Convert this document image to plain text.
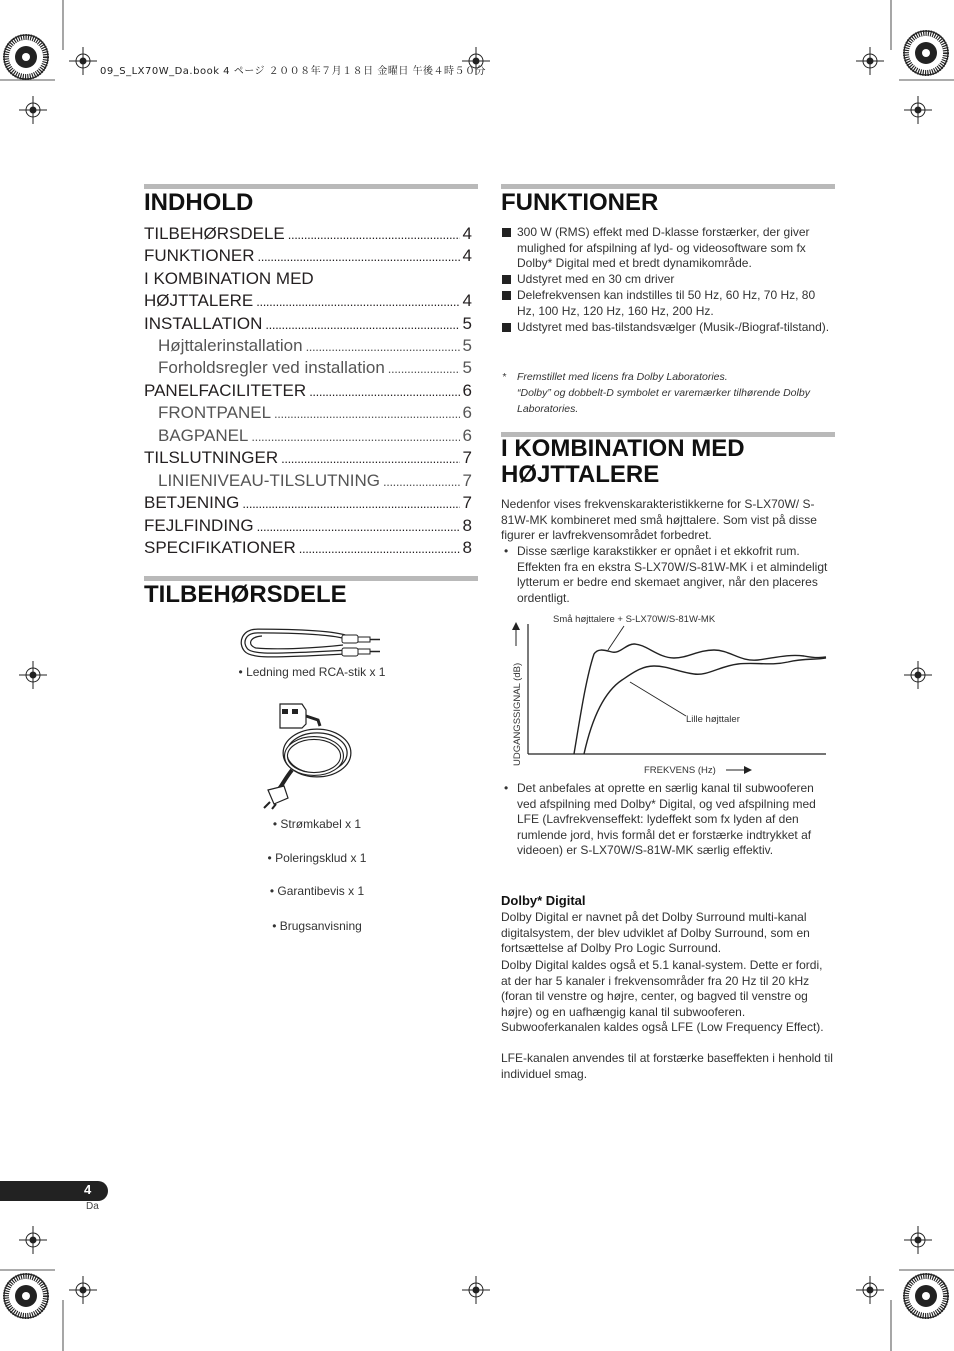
09_S_LX70W_Da.book 4 ページ ２００８年７月１８日 金曜日 午後４時５０分
INDHOLD
TILBEHØRSDELE . . .	4
FUNKTIONER . . .	4
I KOMBINATION MED
HØJTTALERE . . .	4
INSTALLATION . . .	5
Højttalerinstallation . . .	5
Forholdsregler ved installation . . .	5
PANELFACILITETER . . .	6
FRONTPANEL . . .	6
BAGPANEL . . .	6
TILSLUTNINGER . . .	7
LINIENIVEAU-TILSLUTNING . . .	7
BETJENING . . .	7
FEJLFINDING . . .	8
SPECIFIKATIONER . . .	8
TILBEHØRSDELE
• Ledning med RCA-stik x 1
• Strømkabel x 1
• Poleringsklud x 1
• Garantibevis x 1
• Brugsanvisning
FUNKTIONER
300 W (RMS) effekt med D-klasse forstærker, der giver mulighed for afspilning af lyd- og videosoftware som fx Dolby* Digital med et bredt dynamikområde.
Udstyret med en 30 cm driver
Delefrekvensen kan indstilles til 50 Hz, 60 Hz, 70 Hz, 80 Hz, 100 Hz, 120 Hz, 160 Hz, 200 Hz.
Udstyret med bas-tilstandsvælger (Musik-/Biograf-tilstand).
* Fremstillet med licens fra Dolby Laboratories.
“Dolby” og dobbelt-D symbolet er varemærker tilhørende Dolby Laboratories.
I KOMBINATION MED
HØJTTALERE
Nedenfor vises frekvenskarakteristikkerne for S-LX70W/ S-81W-MK kombineret med små højttalere. Som vist på disse figurer er lavfrekvensområdet forbedret.
• Disse særlige karakstikker er opnået i et ekkofrit rum. Effekten fra en ekstra S-LX70W/S-81W-MK i et almindeligt lytterum er bedre end skemaet angiver, når den placeres ordentligt.
Små højttalere + S-LX70W/S-81W-MK
UDGANGSSIGNAL (dB)	Lille højttaler
FREKVENS (Hz)
• Det anbefales at oprette en særlig kanal til subwooferen ved afspilning med Dolby* Digital, og ved afspilning med LFE (Lavfrekvenseffekt: lydeffekt som fx lyden af den rumlende jord, hvis formål det er forstærke indtrykket af videoen) er S-LX70W/S-81W-MK særlig effektiv.
Dolby* Digital
Dolby Digital er navnet på det Dolby Surround multi-kanal digitalsystem, der blev udviklet af Dolby Surround, som en fortsættelse af Dolby Pro Logic Surround.
Dolby Digital kaldes også et 5.1 kanal-system. Dette er fordi, at der har 5 kanaler i frekvensområder fra 20 Hz til 20 kHz (foran til venstre og højre, center, og bagved til venstre og højre) og en uafhængig kanal til subwooferen. Subwooferkanalen kaldes også LFE (Low Frequency Effect).
LFE-kanalen anvendes til at forstærke baseffekten i henhold til individuel smag.
4
Da
